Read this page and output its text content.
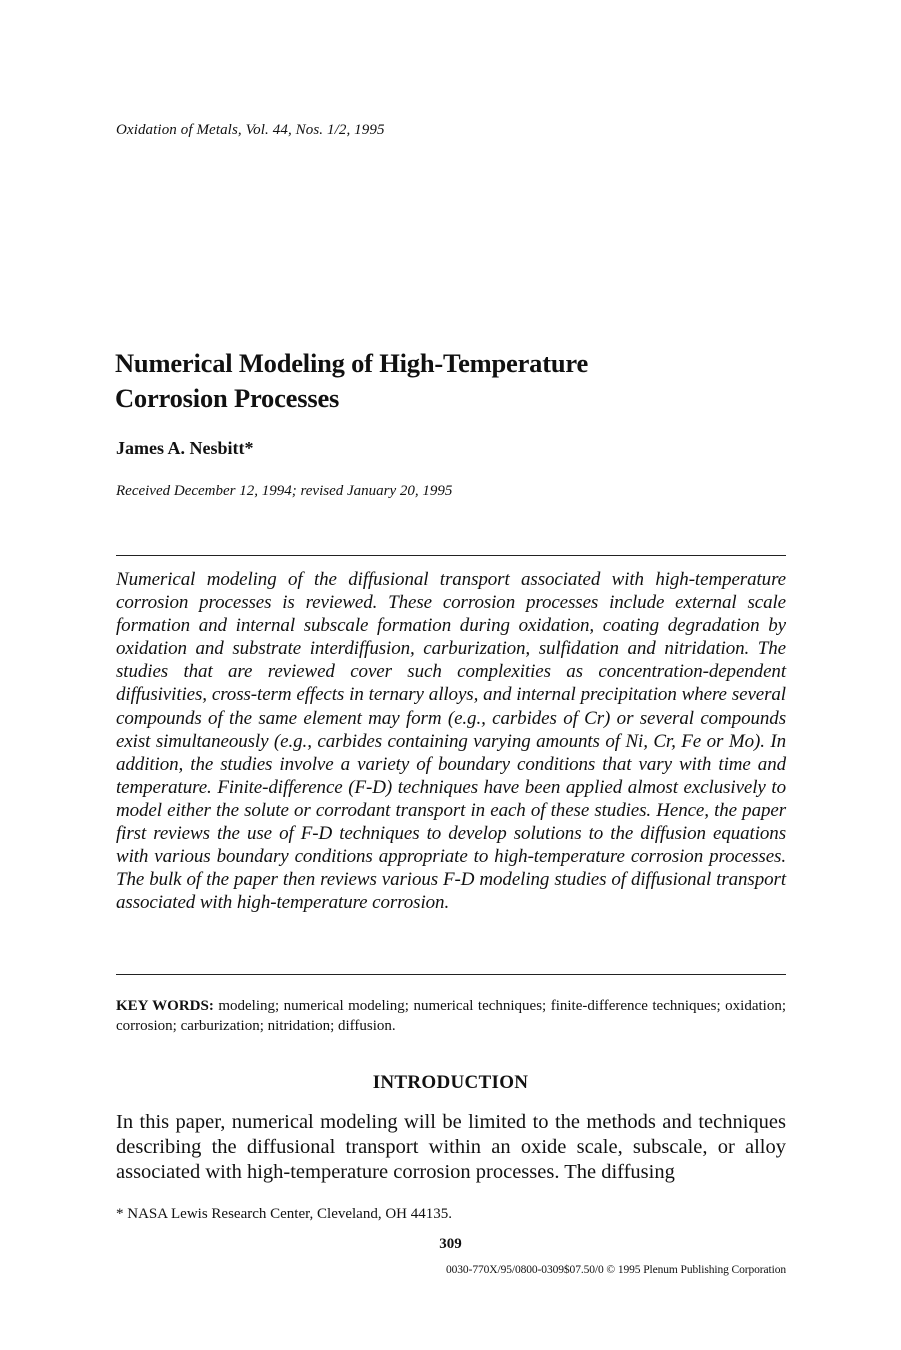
Oxidation of Metals, Vol. 44, Nos. 1/2, 1995
Numerical Modeling of High-Temperature
Corrosion Processes
James A. Nesbitt*
Received December 12, 1994; revised January 20, 1995

Numerical modeling of the diffusional transport associated with high-temperature corrosion processes is reviewed. These corrosion processes include external scale formation and internal subscale formation during oxidation, coating degradation by oxidation and substrate interdiffusion, carburization, sulfidation and nitridation. The studies that are reviewed cover such complexities as concentration-dependent diffusivities, cross-term effects in ternary alloys, and internal precipitation where several compounds of the same element may form (e.g., carbides of Cr) or several compounds exist simultaneously (e.g., carbides containing varying amounts of Ni, Cr, Fe or Mo). In addition, the studies involve a variety of boundary conditions that vary with time and temperature. Finite-difference (F-D) techniques have been applied almost exclusively to model either the solute or corrodant transport in each of these studies. Hence, the paper first reviews the use of F-D techniques to develop solutions to the diffusion equations with various boundary conditions appropriate to high-temperature corrosion processes. The bulk of the paper then reviews various F-D modeling studies of diffusional transport associated with high-temperature corrosion.

KEY WORDS: modeling; numerical modeling; numerical techniques; finite-difference techniques; oxidation; corrosion; carburization; nitridation; diffusion.

INTRODUCTION

In this paper, numerical modeling will be limited to the methods and techniques describing the diffusional transport within an oxide scale, subscale, or alloy associated with high-temperature corrosion processes. The diffusing

* NASA Lewis Research Center, Cleveland, OH 44135.
309
0030-770X/95/0800-0309$07.50/0 © 1995 Plenum Publishing Corporation
